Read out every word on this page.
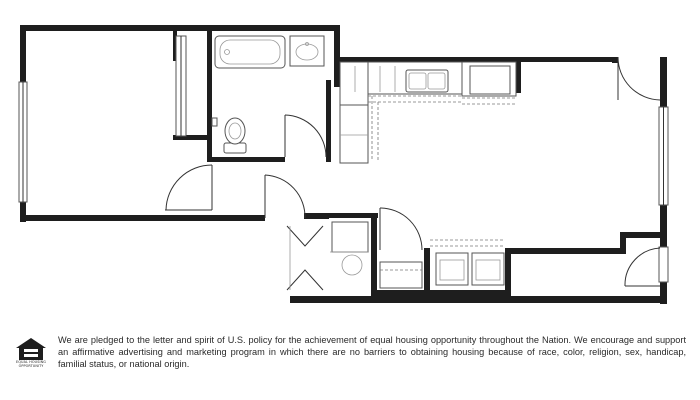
EQUAL HOUSING OPPORTUNITY

We are pledged to the letter and spirit of U.S. policy for the achievement of equal housing opportunity throughout the Nation. We encourage and support an affirmative advertising and marketing program in which there are no barriers to obtaining housing because of race, color, religion, sex, handicap, familial status, or national origin.
